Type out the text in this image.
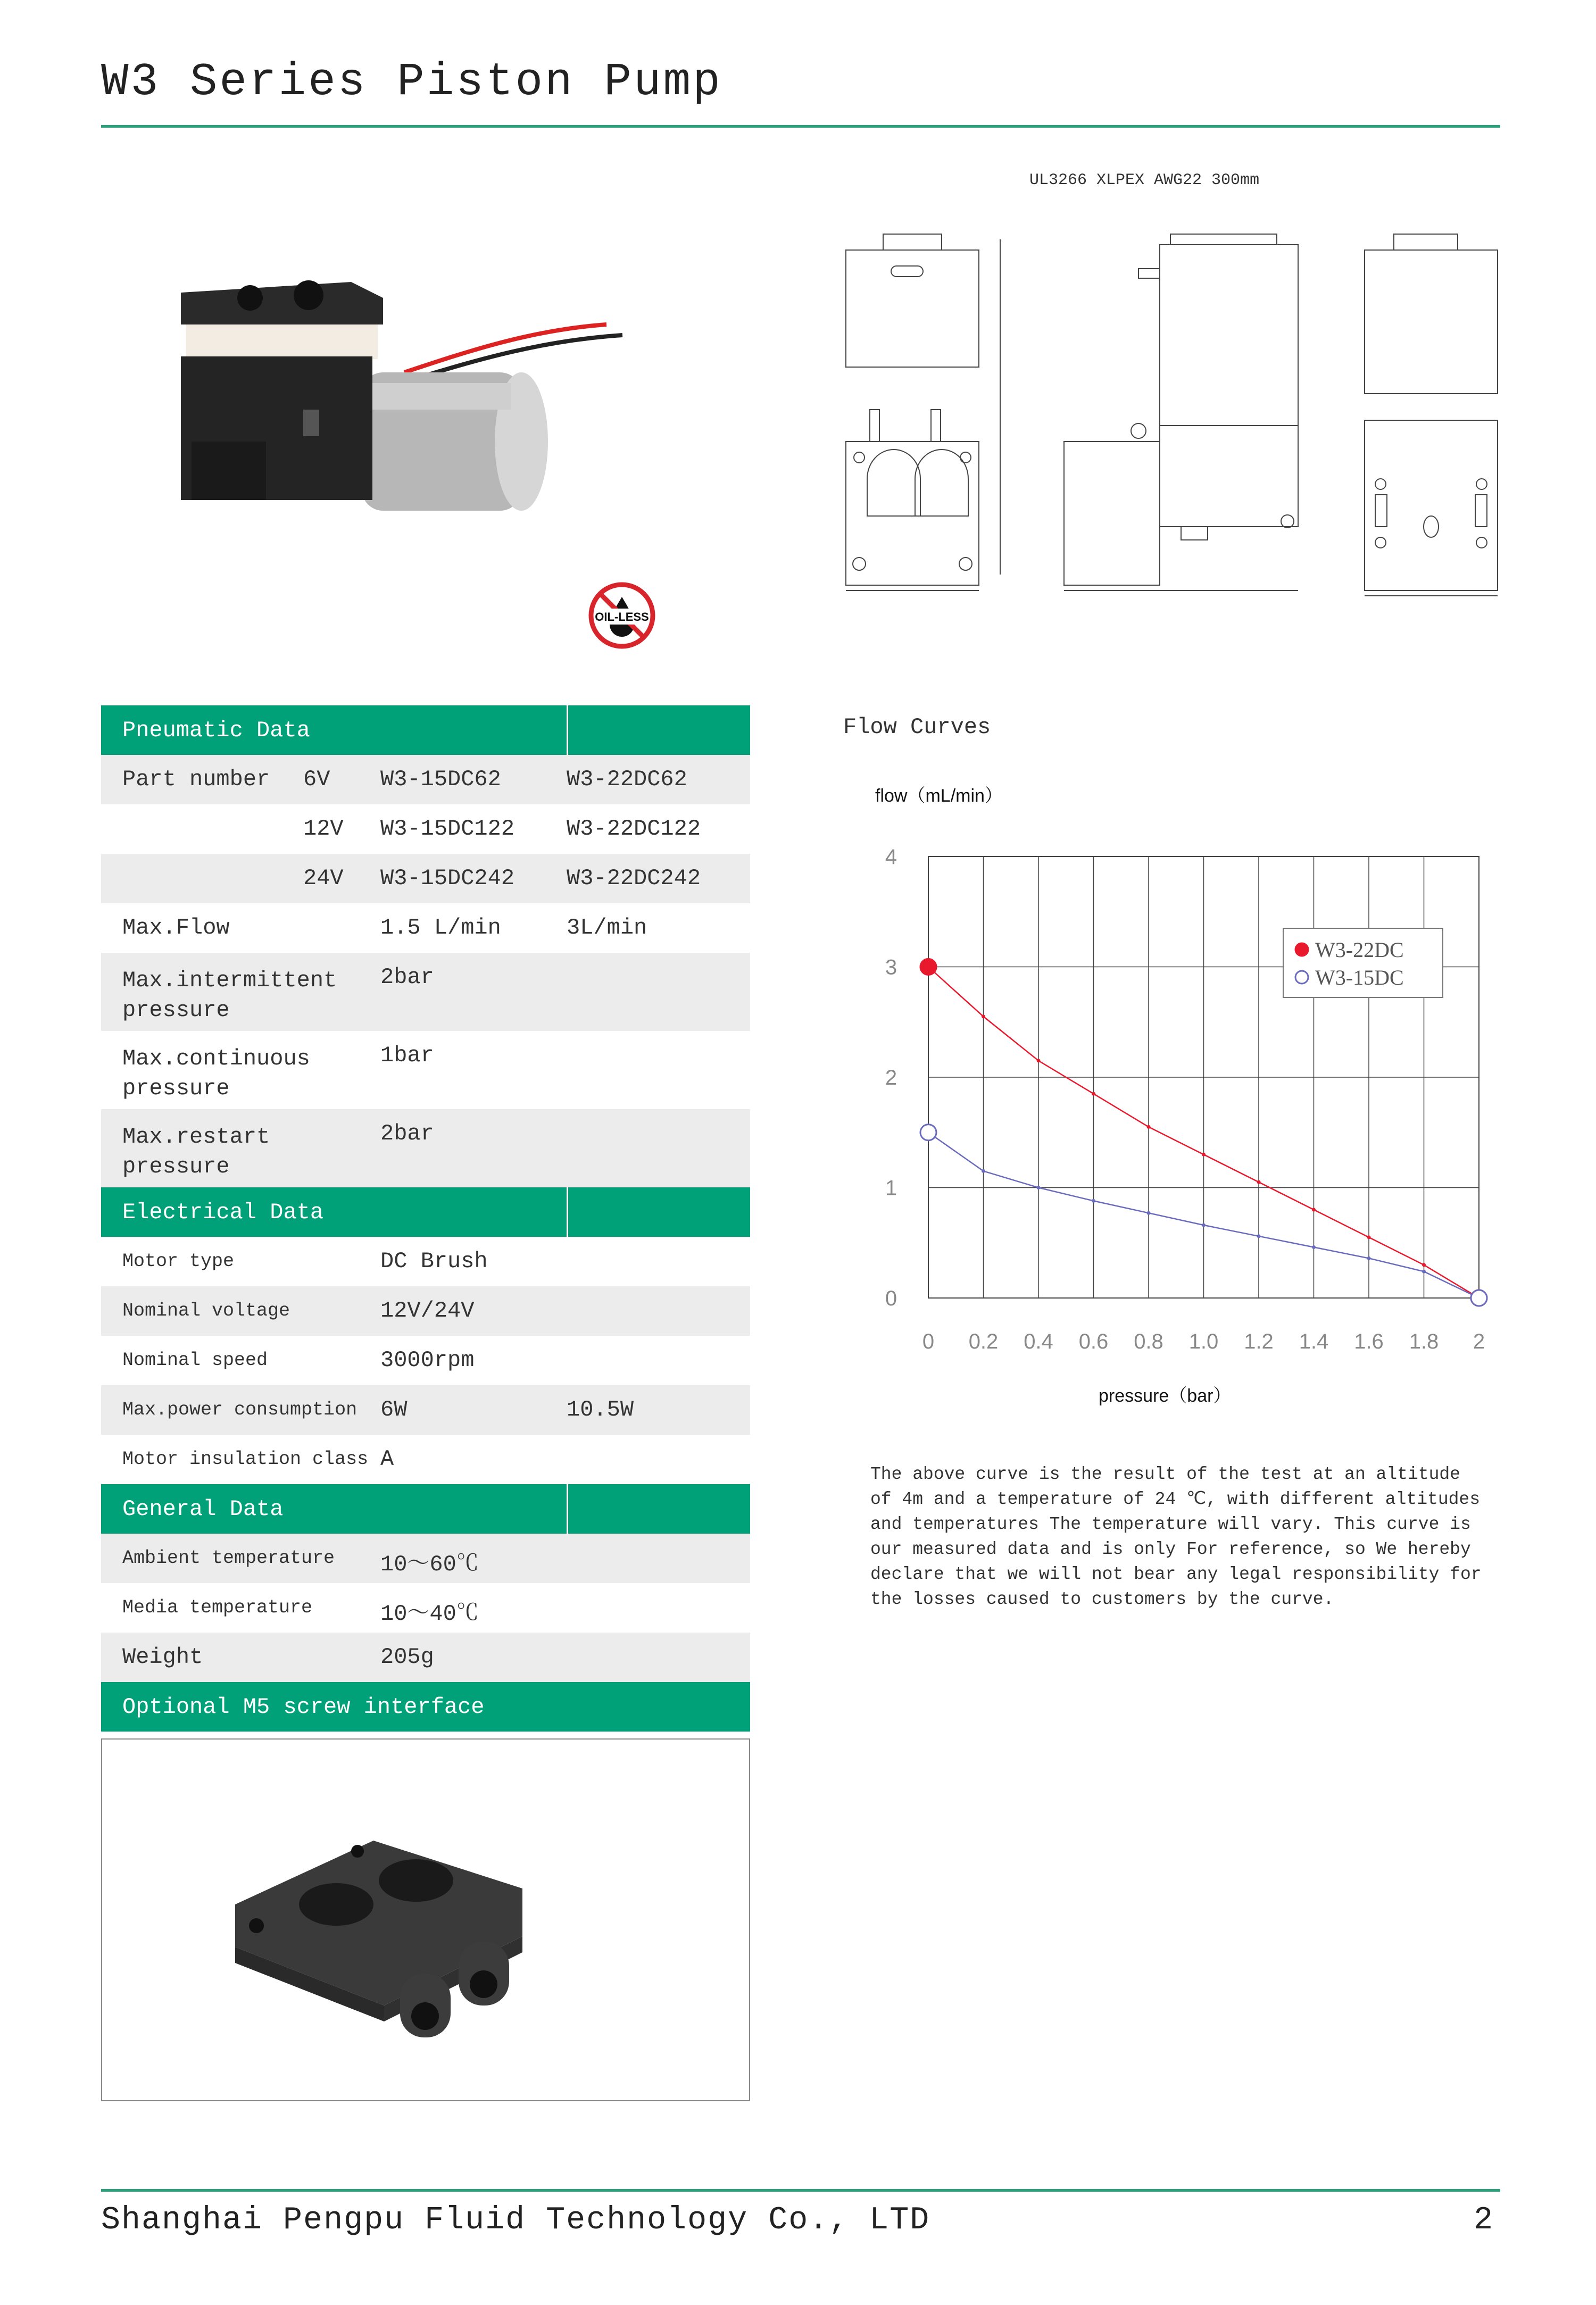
W3 Series Piston Pump
OIL-LESS
UL3266 XLPEX AWG22 300mm
Pneumatic Data
Part number	6V	W3-15DC62	W3-22DC62
12V	W3-15DC122	W3-22DC122
24V	W3-15DC242	W3-22DC242
Max.Flow	1.5 L/min	3L/min
Max.intermittent pressure
2bar
Max.continuous pressure
1bar
Max.restart pressure
2bar
Electrical Data
Motor type	DC Brush
Nominal voltage	12V/24V
Nominal speed	3000rpm
Max.power consumption	6W	10.5W
Motor insulation class A
General Data
Ambient temperature	10～60℃
Media temperature	10～40℃
Weight	205g
Optional M5 screw interface
Flow Curves
flow（mL/min）
pressure（bar）
0 0.2 0.4 0.6 0.8 1.0 1.2 1.4 1.6 1.8 2
0
1
2
3
4
W3-22DC
W3-15DC
The above curve is the result of the test at an altitude
of 4m and a temperature of 24 ℃, with different altitudes
and temperatures The temperature will vary. This curve is
our measured data and is only For reference, so We hereby
declare that we will not bear any legal responsibility for
the losses caused to customers by the curve.
Shanghai Pengpu Fluid Technology Co., LTD	2
